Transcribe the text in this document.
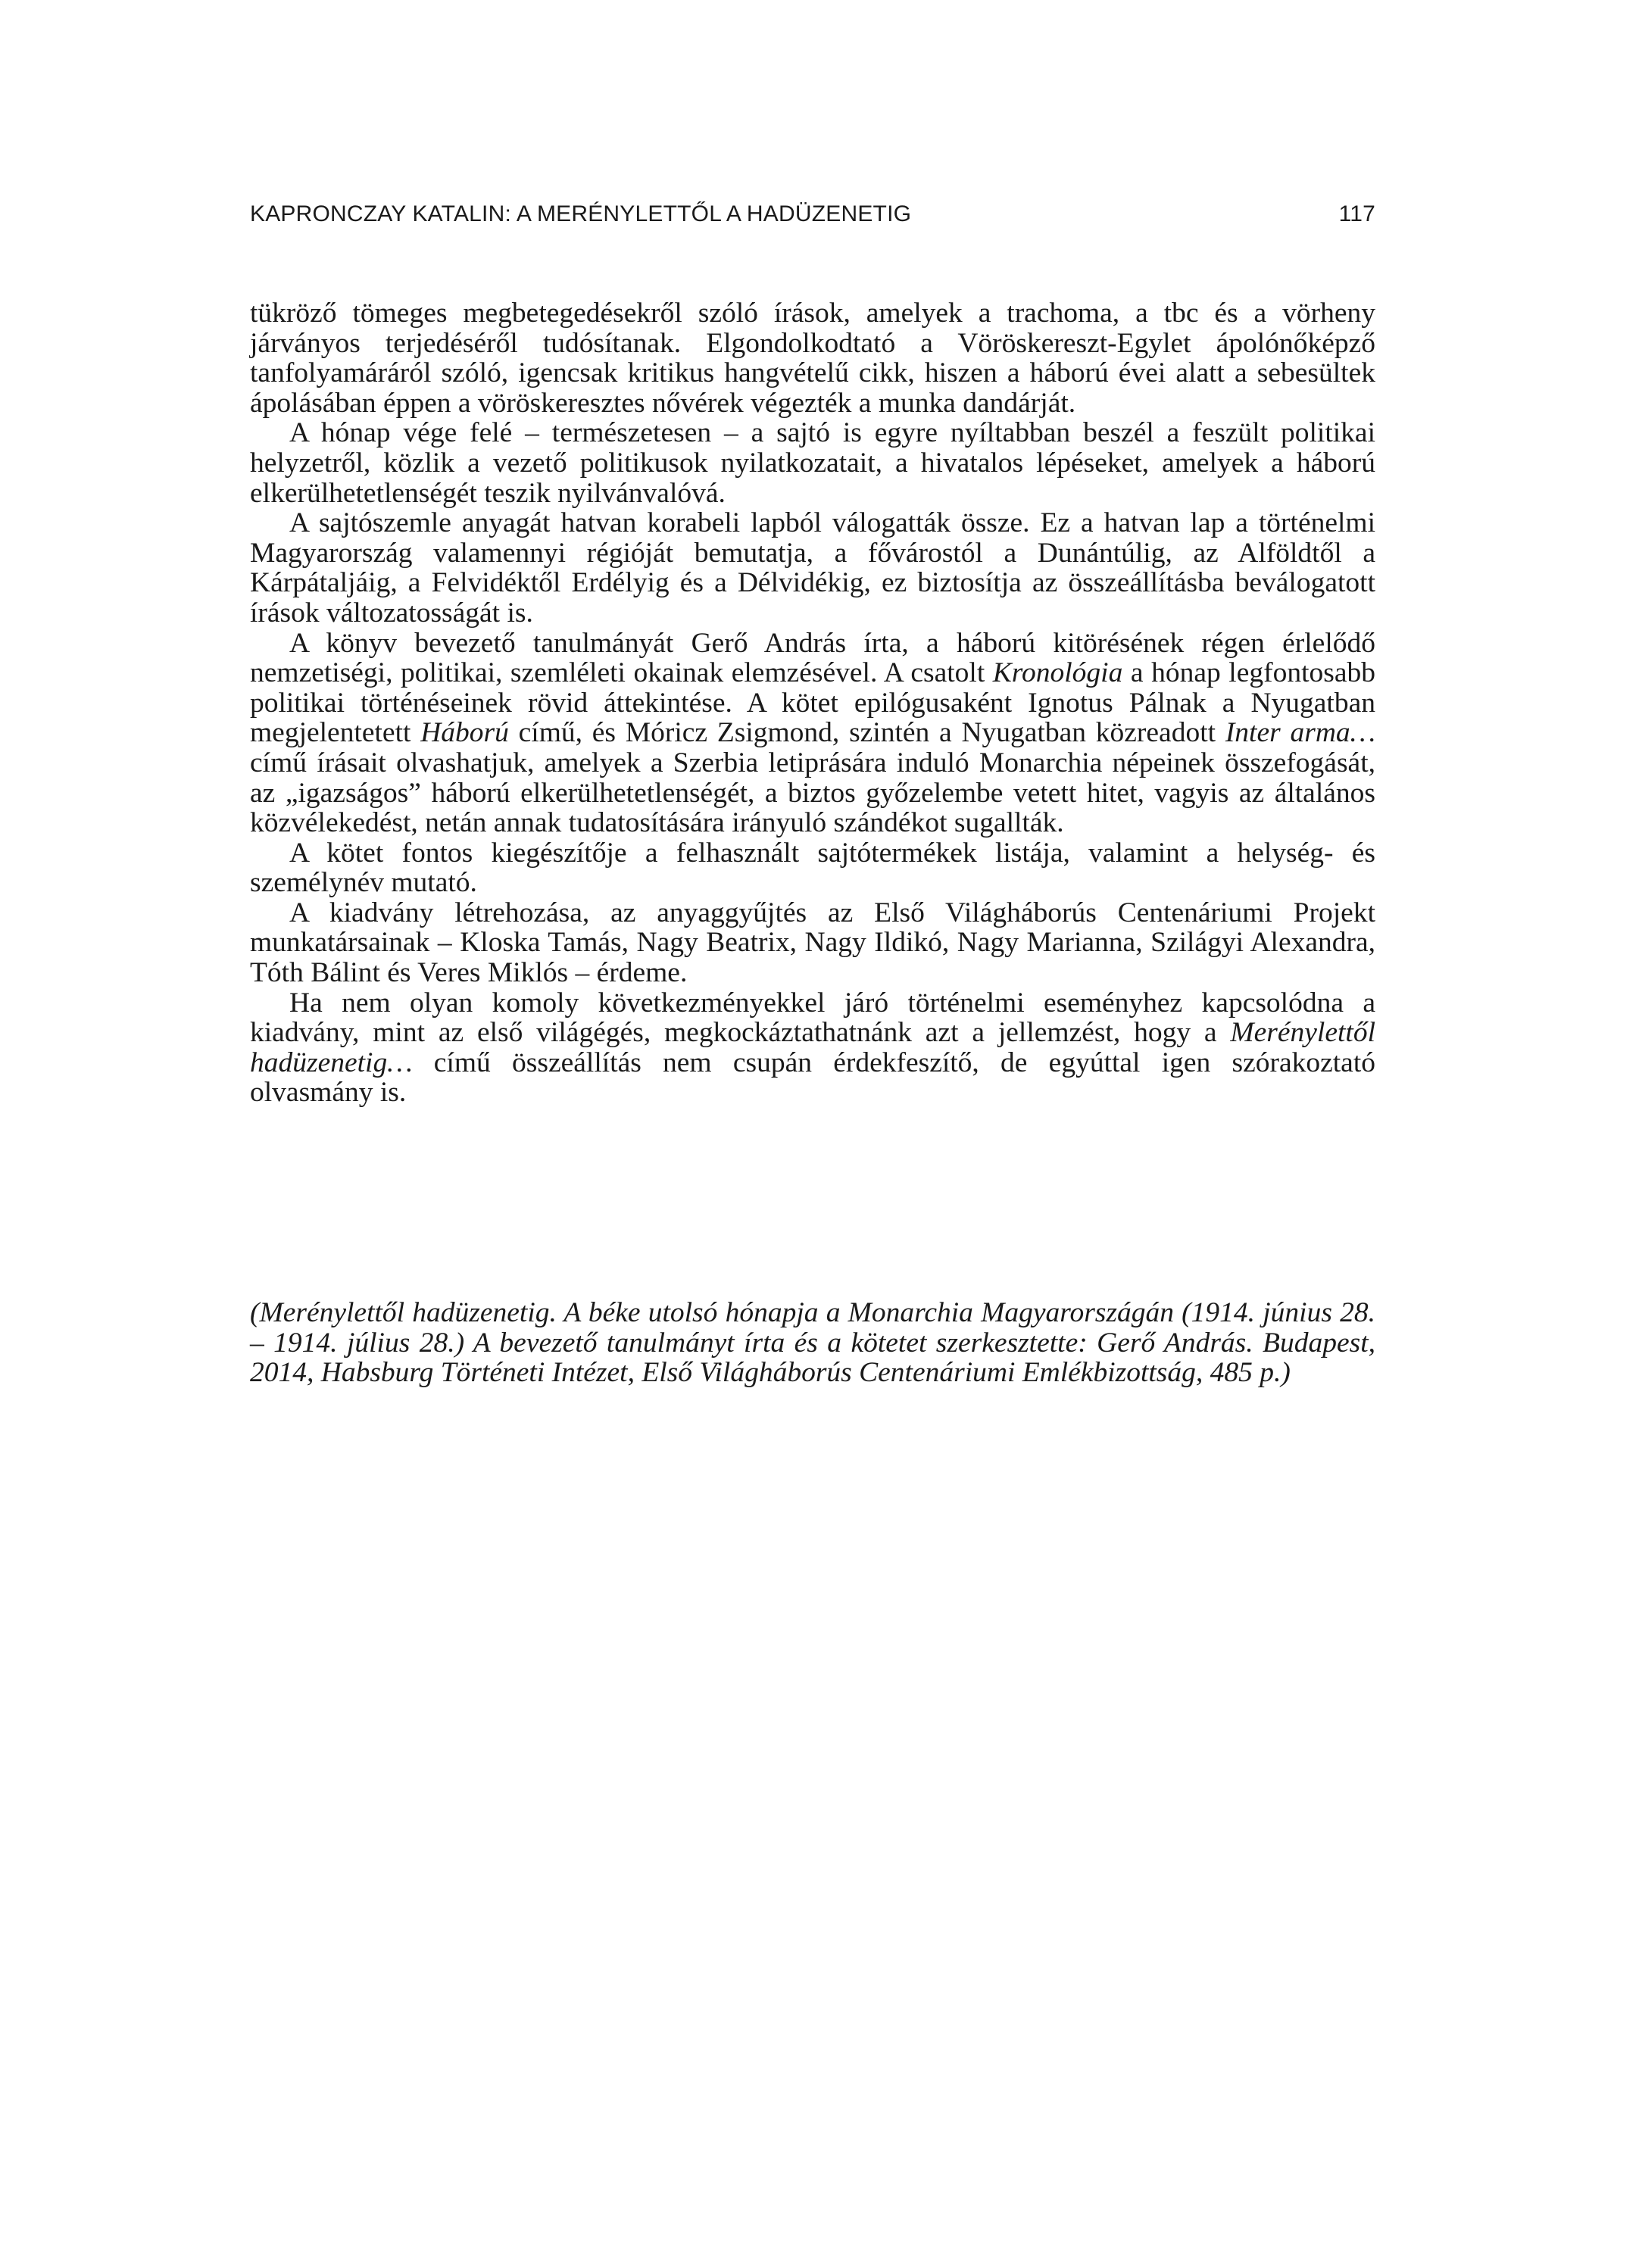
KAPRONCZAY KATALIN: A MERÉNYLETTŐL A HADÜZENETIG	117

tükröző tömeges megbetegedésekről szóló írások, amelyek a trachoma, a tbc és a vörheny járványos terjedéséről tudósítanak. Elgondolkodtató a Vöröskereszt-Egylet ápolónőképző tanfolyamáráról szóló, igencsak kritikus hangvételű cikk, hiszen a háború évei alatt a sebesültek ápolásában éppen a vöröskeresztes nővérek végezték a munka dandárját.

A hónap vége felé – természetesen – a sajtó is egyre nyíltabban beszél a feszült politikai helyzetről, közlik a vezető politikusok nyilatkozatait, a hivatalos lépéseket, amelyek a háború elkerülhetetlenségét teszik nyilvánvalóvá.

A sajtószemle anyagát hatvan korabeli lapból válogatták össze. Ez a hatvan lap a történelmi Magyarország valamennyi régióját bemutatja, a fővárostól a Dunántúlig, az Alföldtől a Kárpátaljáig, a Felvidéktől Erdélyig és a Délvidékig, ez biztosítja az összeállításba beválogatott írások változatosságát is.

A könyv bevezető tanulmányát Gerő András írta, a háború kitörésének régen érlelődő nemzetiségi, politikai, szemléleti okainak elemzésével. A csatolt Kronológia a hónap legfontosabb politikai történéseinek rövid áttekintése. A kötet epilógusaként Ignotus Pálnak a Nyugatban megjelentetett Háború című, és Móricz Zsigmond, szintén a Nyugatban közreadott Inter arma… című írásait olvashatjuk, amelyek a Szerbia letiprására induló Monarchia népeinek összefogását, az „igazságos” háború elkerülhetetlenségét, a biztos győzelembe vetett hitet, vagyis az általános közvélekedést, netán annak tudatosítására irányuló szándékot sugallták.

A kötet fontos kiegészítője a felhasznált sajtótermékek listája, valamint a helység- és személynév mutató.

A kiadvány létrehozása, az anyaggyűjtés az Első Világháborús Centenáriumi Projekt munkatársainak – Kloska Tamás, Nagy Beatrix, Nagy Ildikó, Nagy Marianna, Szilágyi Alexandra, Tóth Bálint és Veres Miklós – érdeme.

Ha nem olyan komoly következményekkel járó történelmi eseményhez kapcsolódna a kiadvány, mint az első világégés, megkockáztathatnánk azt a jellemzést, hogy a Merénylettől hadüzenetig… című összeállítás nem csupán érdekfeszítő, de egyúttal igen szórakoztató olvasmány is.

(Merénylettől hadüzenetig. A béke utolsó hónapja a Monarchia Magyarországán (1914. június 28. – 1914. július 28.) A bevezető tanulmányt írta és a kötetet szerkesztette: Gerő András. Budapest, 2014, Habsburg Történeti Intézet, Első Világháborús Centenáriumi Emlékbizottság, 485 p.)
